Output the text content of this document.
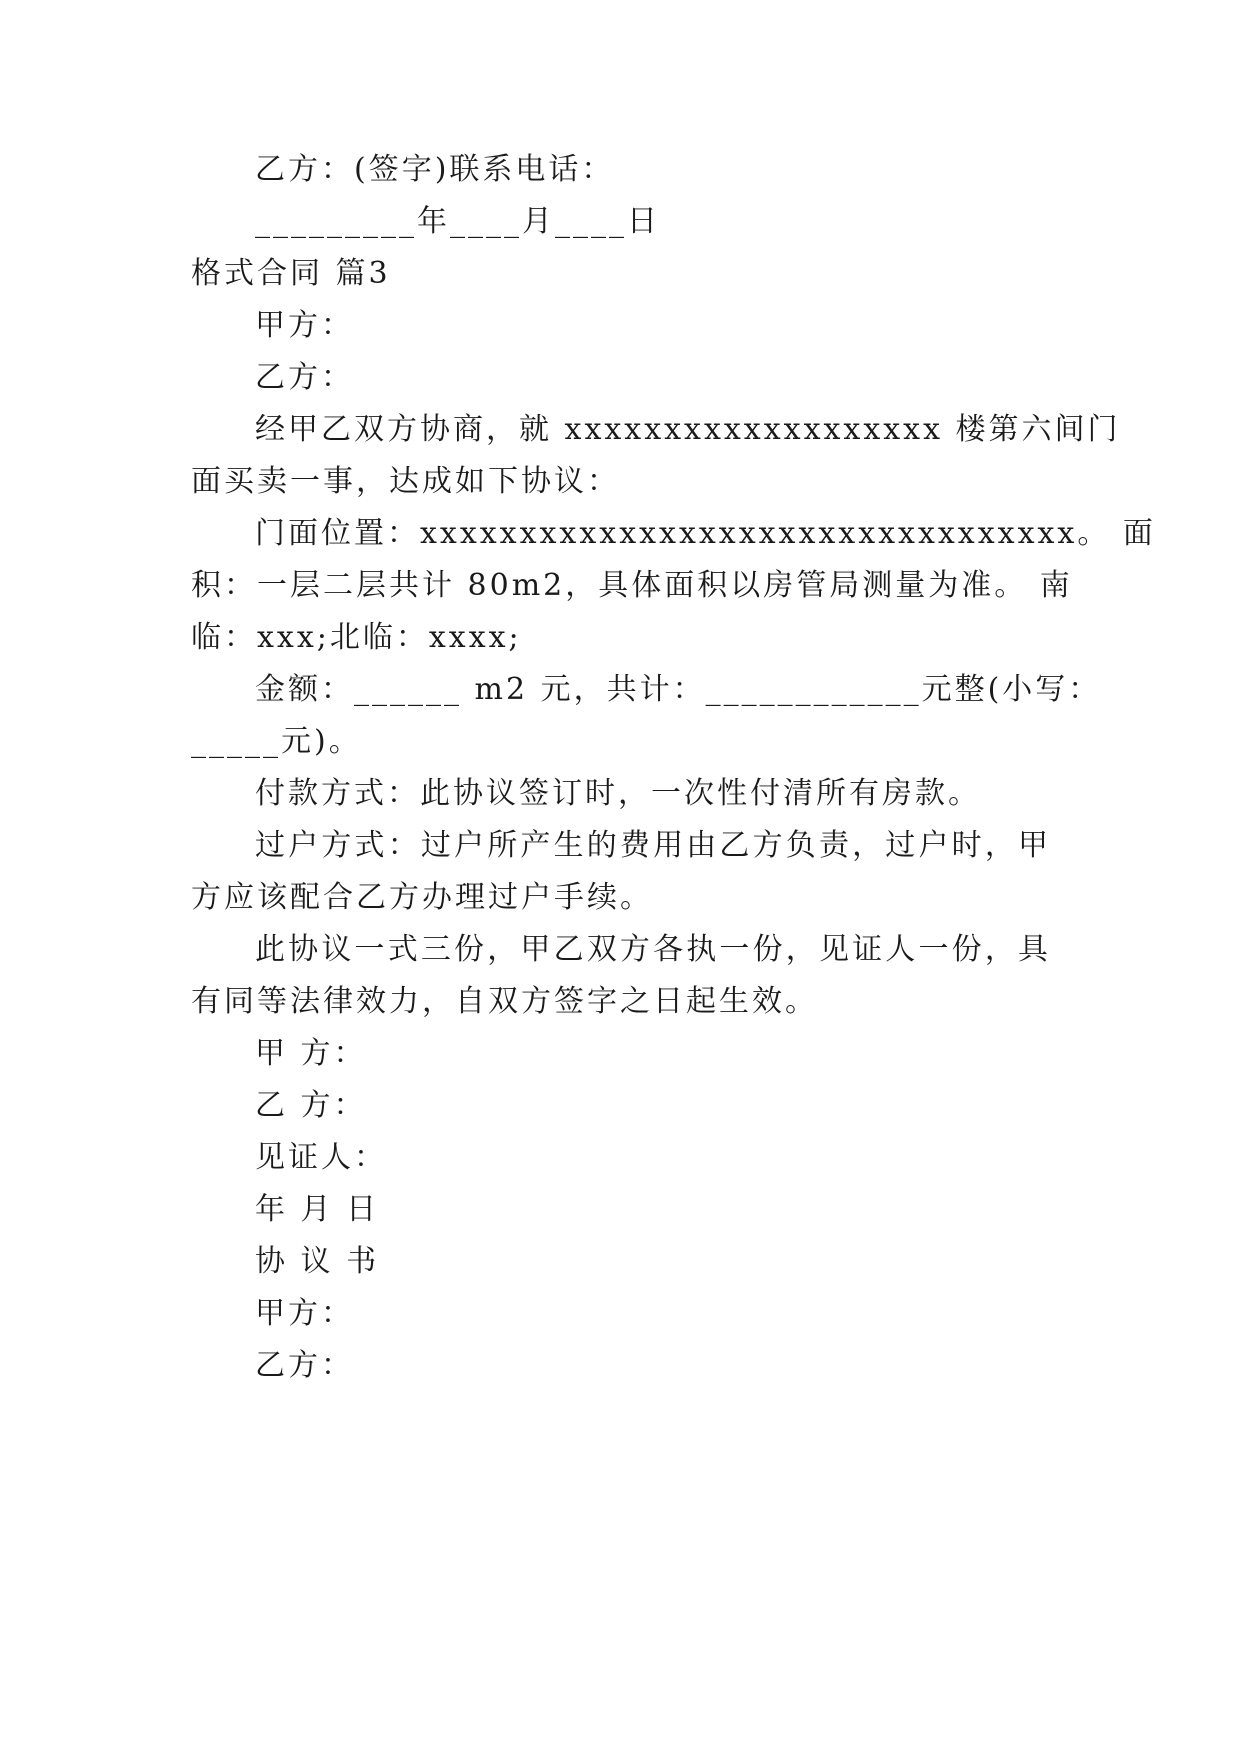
乙方：(签字)联系电话：
_________年____月____日
格式合同 篇3
甲方：
乙方：
经甲乙双方协商，就 xxxxxxxxxxxxxxxxxxx 楼第六间门
面买卖一事，达成如下协议：
门面位置：xxxxxxxxxxxxxxxxxxxxxxxxxxxxxxxxx。 面
积：一层二层共计 80m2，具体面积以房管局测量为准。 南
临：xxx;北临：xxxx;
金额：______ m2 元，共计：____________元整(小写：
_____元)。
付款方式：此协议签订时，一次性付清所有房款。
过户方式：过户所产生的费用由乙方负责，过户时，甲
方应该配合乙方办理过户手续。
此协议一式三份，甲乙双方各执一份，见证人一份，具
有同等法律效力，自双方签字之日起生效。
甲 方：
乙 方：
见证人：
年 月 日
协 议 书
甲方：
乙方：
